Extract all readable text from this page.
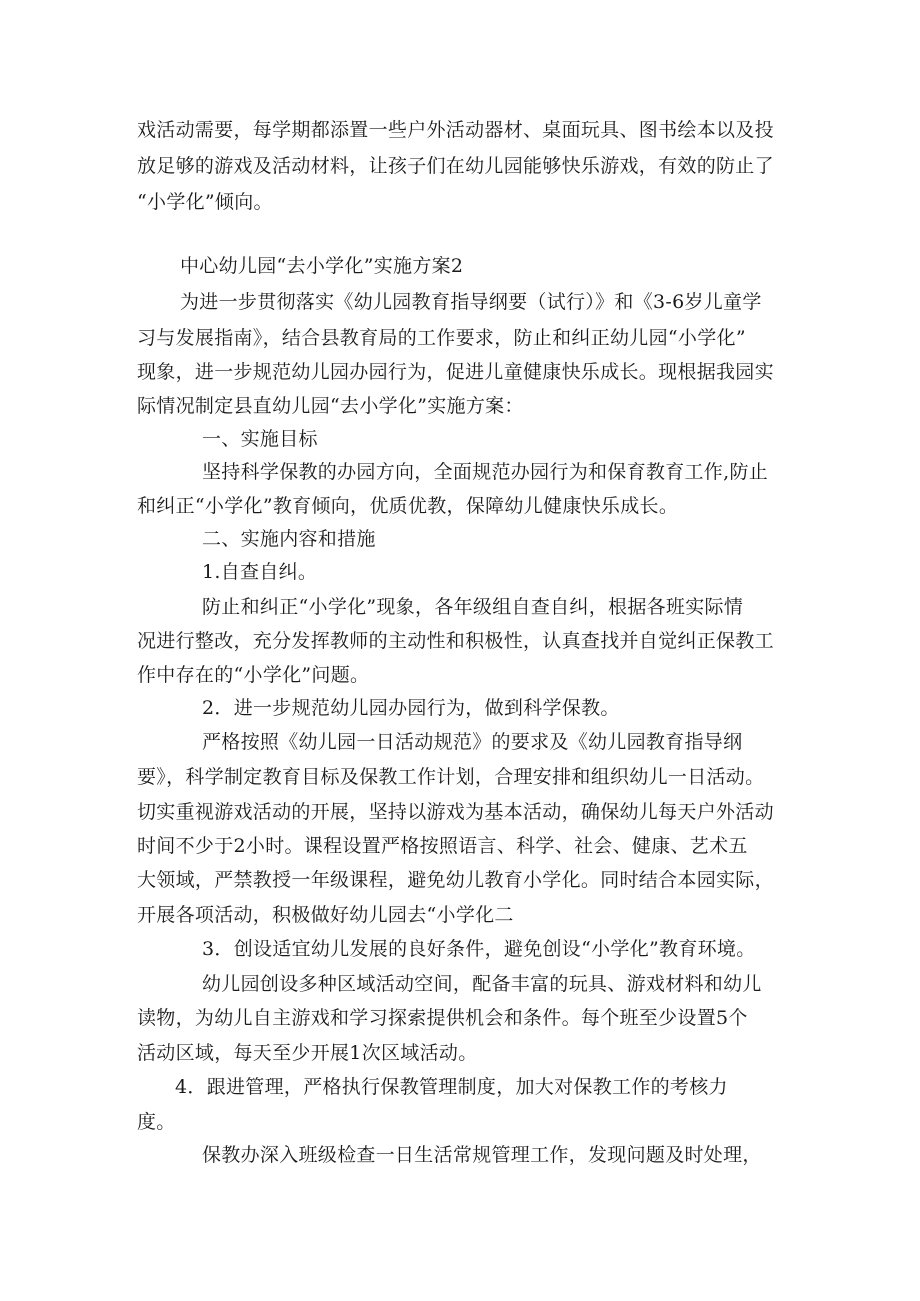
戏活动需要，每学期都添置一些户外活动器材、桌面玩具、图书绘本以及投
放足够的游戏及活动材料，让孩子们在幼儿园能够快乐游戏，有效的防止了
“小学化”倾向。
中心幼儿园“去小学化”实施方案2
为进一步贯彻落实《幼儿园教育指导纲要（试行）》和《3-6岁儿童学
习与发展指南》，结合县教育局的工作要求，防止和纠正幼儿园“小学化”
现象，进一步规范幼儿园办园行为，促进儿童健康快乐成长。现根据我园实
际情况制定县直幼儿园“去小学化”实施方案：
一、实施目标
坚持科学保教的办园方向，全面规范办园行为和保育教育工作,防止
和纠正“小学化”教育倾向，优质优教，保障幼儿健康快乐成长。
二、实施内容和措施
1.自查自纠。
防止和纠正“小学化”现象，各年级组自查自纠，根据各班实际情
况进行整改，充分发挥教师的主动性和积极性，认真查找并自觉纠正保教工
作中存在的“小学化”问题。
2．进一步规范幼儿园办园行为，做到科学保教。
严格按照《幼儿园一日活动规范》的要求及《幼儿园教育指导纲
要》，科学制定教育目标及保教工作计划，合理安排和组织幼儿一日活动。
切实重视游戏活动的开展，坚持以游戏为基本活动，确保幼儿每天户外活动
时间不少于2小时。课程设置严格按照语言、科学、社会、健康、艺术五
大领域，严禁教授一年级课程，避免幼儿教育小学化。同时结合本园实际，
开展各项活动，积极做好幼儿园去“小学化二
3．创设适宜幼儿发展的良好条件，避免创设“小学化”教育环境。
幼儿园创设多种区域活动空间，配备丰富的玩具、游戏材料和幼儿
读物，为幼儿自主游戏和学习探索提供机会和条件。每个班至少设置5个
活动区域，每天至少开展1次区域活动。
4．跟进管理，严格执行保教管理制度，加大对保教工作的考核力
度。
保教办深入班级检查一日生活常规管理工作，发现问题及时处理，
